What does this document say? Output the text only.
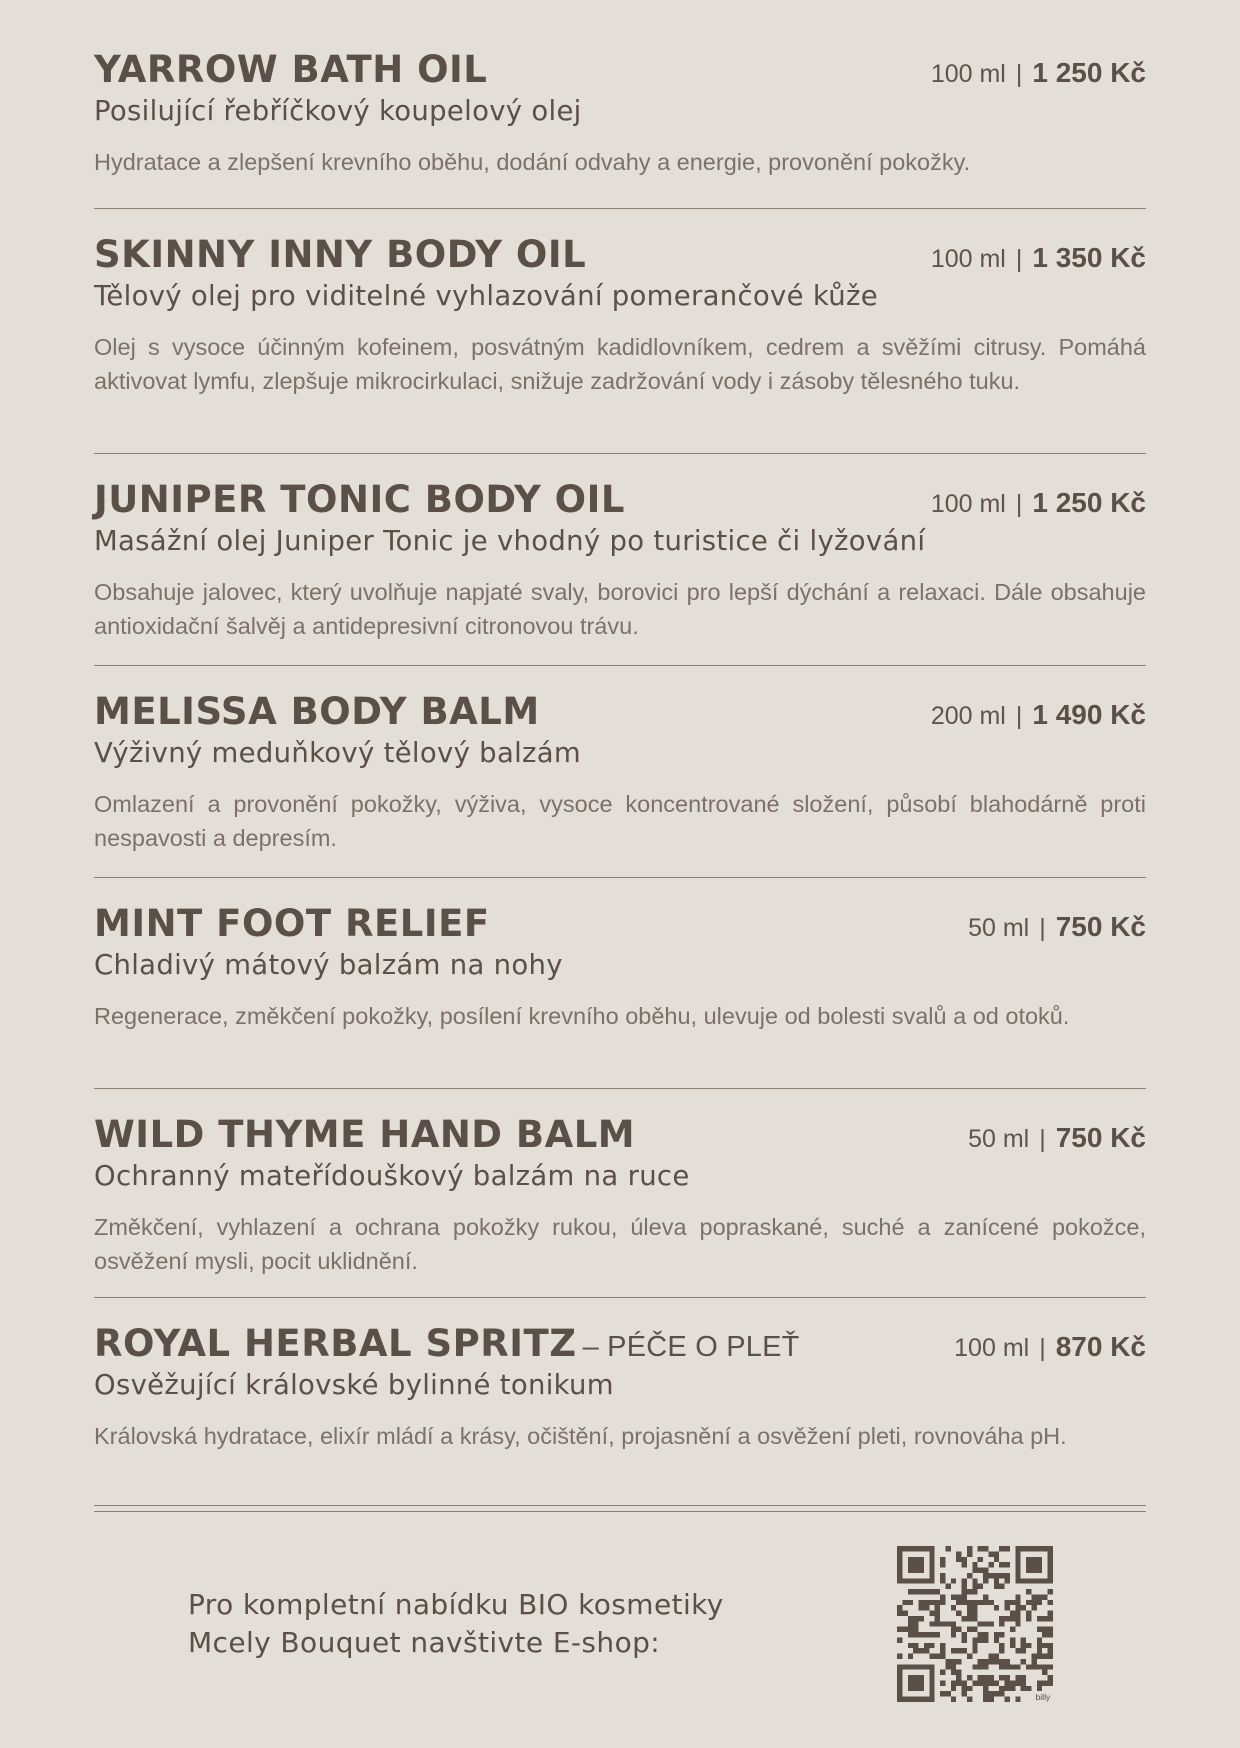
YARROW BATH OIL	100 ml | 1 250 Kč
Posilující řebříčkový koupelový olej
Hydratace a zlepšení krevního oběhu, dodání odvahy a energie, provonění pokožky.
SKINNY INNY BODY OIL	100 ml | 1 350 Kč
Tělový olej pro viditelné vyhlazování pomerančové kůže
Olej s vysoce účinným kofeinem, posvátným kadidlovníkem, cedrem a svěžími citrusy. Pomáhá aktivovat lymfu, zlepšuje mikrocirkulaci, snižuje zadržování vody i zásoby tělesného tuku.
JUNIPER TONIC BODY OIL	100 ml | 1 250 Kč
Masážní olej Juniper Tonic je vhodný po turistice či lyžování
Obsahuje jalovec, který uvolňuje napjaté svaly, borovici pro lepší dýchání a relaxaci. Dále obsahuje antioxidační šalvěj a antidepresivní citronovou trávu.
MELISSA BODY BALM	200 ml | 1 490 Kč
Výživný meduňkový tělový balzám
Omlazení a provonění pokožky, výživa, vysoce koncentrované složení, působí blahodárně proti nespavosti a depresím.
MINT FOOT RELIEF	50 ml | 750 Kč
Chladivý mátový balzám na nohy
Regenerace, změkčení pokožky, posílení krevního oběhu, ulevuje od bolesti svalů a od otoků.
WILD THYME HAND BALM	50 ml | 750 Kč
Ochranný mateřídouškový balzám na ruce
Změkčení, vyhlazení a ochrana pokožky rukou, úleva popraskané, suché a zanícené pokožce, osvěžení mysli, pocit uklidnění.
ROYAL HERBAL SPRITZ – PÉČE O PLEŤ	100 ml | 870 Kč
Osvěžující královské bylinné tonikum
Královská hydratace, elixír mládí a krásy, očištění, projasnění a osvěžení pleti, rovnováha pH.
Pro kompletní nabídku BIO kosmetiky
Mcely Bouquet navštivte E-shop:
billy
